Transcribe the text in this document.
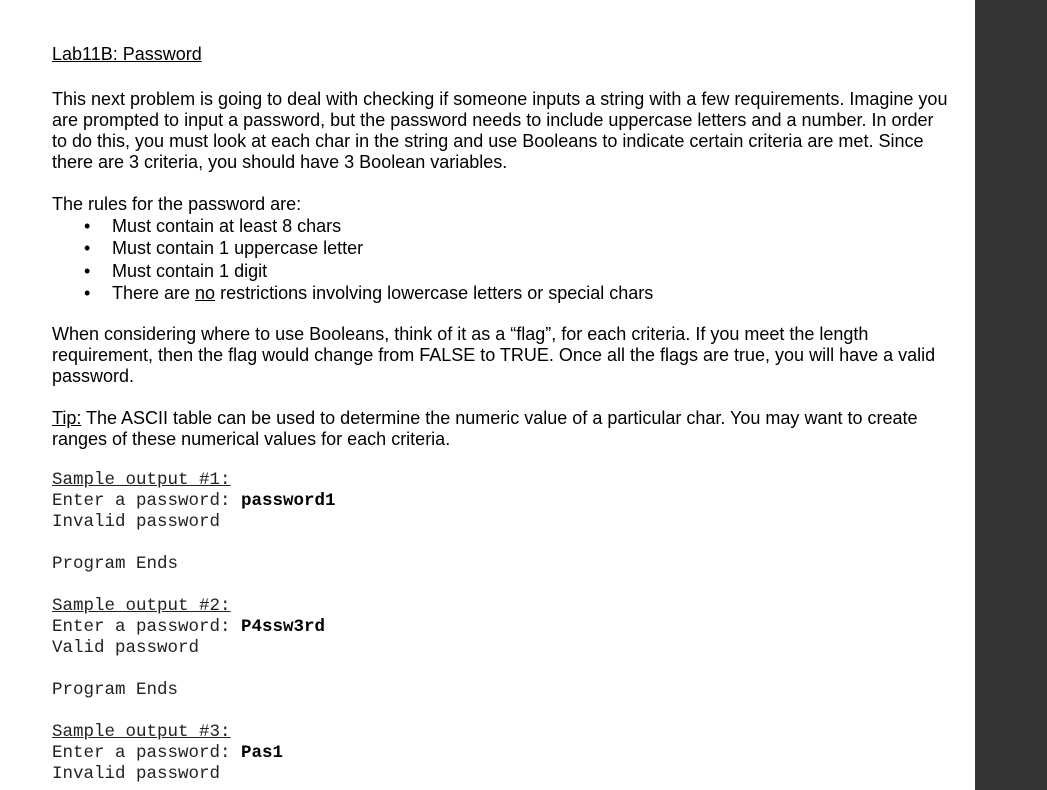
Lab11B: Password

This next problem is going to deal with checking if someone inputs a string with a few requirements. Imagine you are prompted to input a password, but the password needs to include uppercase letters and a number. In order to do this, you must look at each char in the string and use Booleans to indicate certain criteria are met. Since there are 3 criteria, you should have 3 Boolean variables.

The rules for the password are:

• Must contain at least 8 chars
• Must contain 1 uppercase letter
• Must contain 1 digit
• There are no restrictions involving lowercase letters or special chars

When considering where to use Booleans, think of it as a “flag”, for each criteria. If you meet the length requirement, then the flag would change from FALSE to TRUE. Once all the flags are true, you will have a valid password.

Tip: The ASCII table can be used to determine the numeric value of a particular char. You may want to create ranges of these numerical values for each criteria.

Sample output #1:
Enter a password: password1
Invalid password
Program Ends
Sample output #2:
Enter a password: P4ssw3rd
Valid password
Program Ends
Sample output #3:
Enter a password: Pas1
Invalid password
